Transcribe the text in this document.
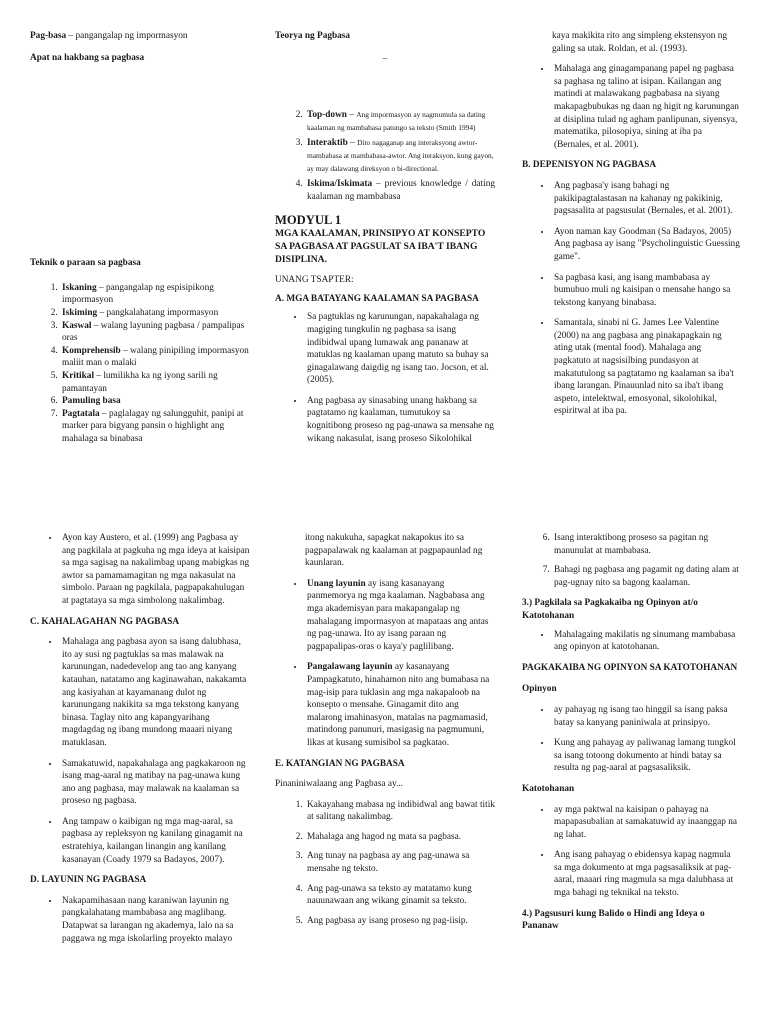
Pag-basa – pangangalap ng impormasyon

Apat na hakbang sa pagbasa

Teknik o paraan sa pagbasa

1. Iskaning – pangangalap ng espisipikong impormasyon
2. Iskiming – pangkalahatang impormasyon
3. Kaswal – walang layuning pagbasa / pampalipas oras
4. Komprehensib – walang pinipiling impormasyon maliit man o malaki
5. Kritikal – lumilikha ka ng iyong sarili ng pamantayan
6. Pamuling basa
7. Pagtatala – paglalagay ng salungguhit, panipi at marker para bigyang pansin o highlight ang mahalaga sa binabasa

Teorya ng Pagbasa

–

2. Top-down – Ang impormasyon ay nagmumula sa dating kaalaman ng mambabasa patungo sa teksto (Smith 1994)
3. Interaktib – Dito nagaganap ang interaksyong awtor-mambabasa at mambabasa-awtor. Ang iteraksyon, kung gayon, ay may dalawang direksyon o bi-directional.
4. Iskima/Iskimata – previous knowledge / dating kaalaman ng mambabasa

MODYUL 1

MGA KAALAMAN, PRINSIPYO AT KONSEPTO SA PAGBASA AT PAGSULAT SA IBA'T IBANG DISIPLINA.

UNANG TSAPTER:

A. MGA BATAYANG KAALAMAN SA PAGBASA

• Sa pagtuklas ng karunungan, napakahalaga ng magiging tungkulin ng pagbasa sa isang indibidwal upang lumawak ang pananaw at matuklas ng kaalaman upang matuto sa buhay sa ginagalawang daigdig ng isang tao. Jocson, et al. (2005).
• Ang pagbasa ay sinasabing unang hakbang sa pagtatamo ng kaalaman, tumutukoy sa kognitibong proseso ng pag-unawa sa mensahe ng wikang nakasulat, isang proseso Sikolohikal

kaya makikita rito ang simpleng ekstensyon ng galing sa utak. Roldan, et al. (1993).

• Mahalaga ang ginagampanang papel ng pagbasa sa paghasa ng talino at isipan. Kailangan ang matindi at malawakang pagbabasa na siyang makapagbubukas ng daan ng higit ng karunungan at disiplina tulad ng agham panlipunan, siyensya, matematika, pilosopiya, sining at iba pa (Bernales, et al. 2001).

B. DEPENISYON NG PAGBASA

• Ang pagbasa'y isang bahagi ng pakikipagtalastasan na kahanay ng pakikinig, pagsasalita at pagsusulat (Bernales, et al. 2001).
• Ayon naman kay Goodman (Sa Badayos, 2005) Ang pagbasa ay isang "Psycholinguistic Guessing game".
• Sa pagbasa kasi, ang isang mambabasa ay bumubuo muli ng kaisipan o mensahe hango sa tekstong kanyang binabasa.
• Samantala, sinabi ni G. James Lee Valentine (2000) na ang pagbasa ang pinakapagkain ng ating utak (mental food). Mahalaga ang pagkatuto at nagsisilbing pundasyon at makatutulong sa pagtatamo ng kaalaman sa iba't ibang larangan. Pinauunlad nito sa iba't ibang aspeto, intelektwal, emosyonal, sikolohikal, espiritwal at iba pa.
• Ayon kay Austero, et al. (1999) ang Pagbasa ay ang pagkilala at pagkuha ng mga ideya at kaisipan sa mga sagisag na nakalimbag upang mabigkas ng awtor sa pamamamagitan ng mga nakasulat na simbolo. Paraan ng pagkilala, pagpapakahulugan at pagtataya sa mga simbolong nakalimbag.

C. KAHALAGAHAN NG PAGBASA

• Mahalaga ang pagbasa ayon sa isang dalubhasa, ito ay susi ng pagtuklas sa mas malawak na karunungan, nadedevelop ang tao ang kanyang katauhan, natatamo ang kaginawahan, nakakamta ang kasiyahan at kayamanang dulot ng karunungang nakikita sa mga tekstong kanyang binasa. Taglay nito ang kapangyarihang magdagdag ng ibang mundong maaari niyang matuklasan.
• Samakatuwid, napakahalaga ang pagkakaroon ng isang mag-aaral ng matibay na pag-unawa kung ano ang pagbasa, may malawak na kaalaman sa proseso ng pagbasa.
• Ang tampaw o kaibigan ng mga mag-aaral, sa pagbasa ay repleksyon ng kanilang ginagamit na estratehiya, kailangan linangin ang kanilang kasanayan (Coady 1979 sa Badayos, 2007).

D. LAYUNIN NG PAGBASA

• Nakapamihasaan nang karaniwan layunin ng pangkalahatang mambabasa ang maglibang. Datapwat sa larangan ng akademya, lalo na sa paggawa ng mga iskolarling proyekto malayo

itong nakukuha, sapagkat nakapokus ito sa pagpapalawak ng kaalaman at pagpapaunlad ng kaunlaran.

• Unang layunin ay isang kasanayang panmemorya ng mga kaalaman. Nagbabasa ang mga akademisyan para makapangalap ng mahalagang impormasyon at mapataas ang antas ng pag-unawa. Ito ay isang paraan ng pagpapalipas-oras o kaya'y paglilibang.
• Pangalawang layunin ay kasanayang Pampagkatuto, hinahamon nito ang bumabasa na mag-isip para tuklasin ang mga nakapaloob na konsepto o mensahe. Ginagamit dito ang malarong imahinasyon, matalas na pagmamasid, matindong panunuri, masigasig na pagmumuni, likas at kusang sumisibol sa pagkatao.

E. KATANGIAN NG PAGBASA

Pinaniniwalaang ang Pagbasa ay...

1. Kakayahang mabasa ng indibidwal ang bawat titik at salitang nakalimbag.
2. Mahalaga ang hagod ng mata sa pagbasa.
3. Ang tunay na pagbasa ay ang pag-unawa sa mensahe ng teksto.
4. Ang pag-unawa sa teksto ay matatamo kung nauunawaan ang wikang ginamit sa teksto.
5. Ang pagbasa ay isang proseso ng pag-iisip.
6. Isang interaktibong proseso sa pagitan ng manunulat at mambabasa.
7. Bahagi ng pagbasa ang pagamit ng dating alam at pag-ugnay nito sa bagong kaalaman.

3.) Pagkilala sa Pagkakaiba ng Opinyon at/o Katotohanan

• Mahalagaing makilatis ng sinumang mambabasa ang opinyon at katotohanan.

PAGKAKAIBA NG OPINYON SA KATOTOHANAN

Opinyon

• ay pahayag ng isang tao hinggil sa isang paksa batay sa kanyang paniniwala at prinsipyo.
• Kung ang pahayag ay paliwanag lamang tungkol sa isang totoong dokumento at hindi batay sa resulta ng pag-aaral at pagsasaliksik.

Katotohanan

• ay mga paktwal na kaisipan o pahayag na mapapasubalian at samakatuwid ay inaanggap na ng lahat.
• Ang isang pahayag o ebidensya kapag nagmula sa mga dokumento at mga pagsasaliksik at pag-aaral, maaari ring magmula sa mga dalubhasa at mga bahagi ng teknikal na teksto.

4.) Pagsusuri kung Balido o Hindi ang Ideya o Pananaw
